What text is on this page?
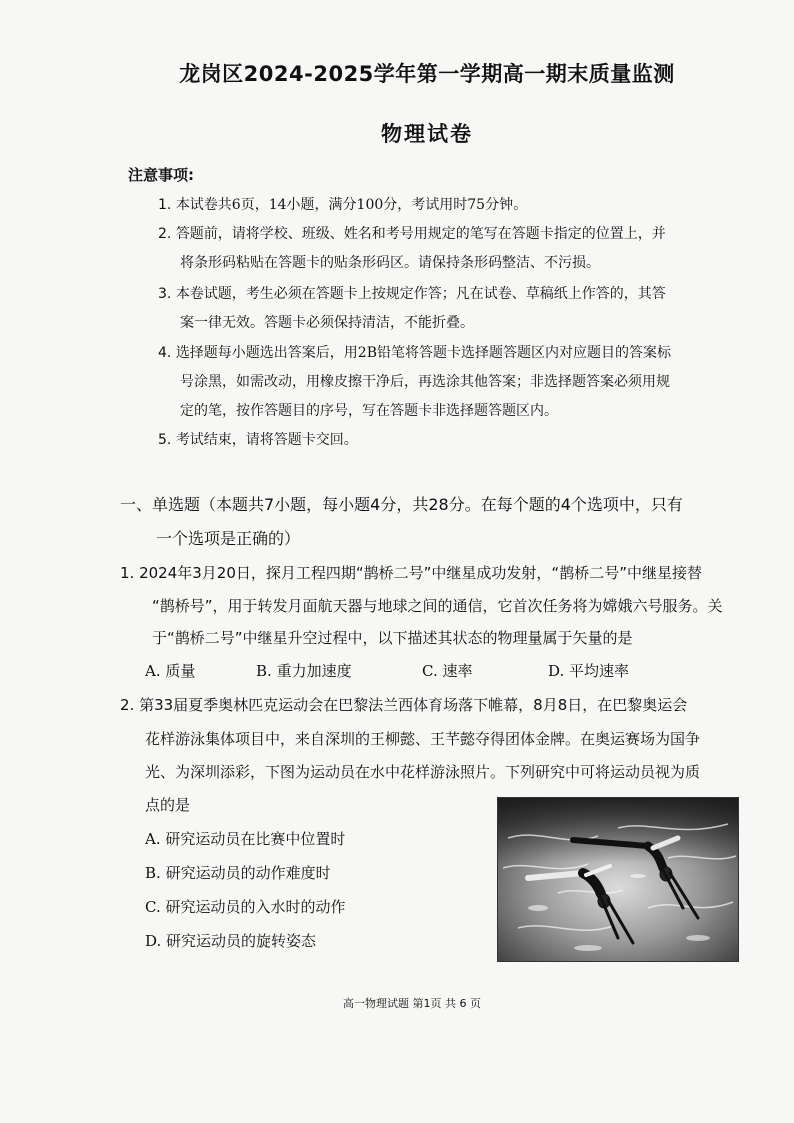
龙岗区2024-2025学年第一学期高一期末质量监测
物理试卷
注意事项:
1. 本试卷共6页，14小题，满分100分，考试用时75分钟。
2. 答题前，请将学校、班级、姓名和考号用规定的笔写在答题卡指定的位置上，并
将条形码粘贴在答题卡的贴条形码区。请保持条形码整洁、不污损。
3. 本卷试题，考生必须在答题卡上按规定作答；凡在试卷、草稿纸上作答的，其答
案一律无效。答题卡必须保持清洁，不能折叠。
4. 选择题每小题选出答案后，用2B铅笔将答题卡选择题答题区内对应题目的答案标
号涂黑，如需改动，用橡皮擦干净后，再选涂其他答案；非选择题答案必须用规
定的笔，按作答题目的序号，写在答题卡非选择题答题区内。
5. 考试结束，请将答题卡交回。
一、单选题（本题共7小题，每小题4分，共28分。在每个题的4个选项中，只有
一个选项是正确的）
1. 2024年3月20日，探月工程四期“鹊桥二号”中继星成功发射，“鹊桥二号”中继星接替
“鹊桥号”，用于转发月面航天器与地球之间的通信，它首次任务将为嫦娥六号服务。关
于“鹊桥二号”中继星升空过程中，以下描述其状态的物理量属于矢量的是
A. 质量	B. 重力加速度	C. 速率	D. 平均速率
2. 第33届夏季奥林匹克运动会在巴黎法兰西体育场落下帷幕，8月8日，在巴黎奥运会
花样游泳集体项目中，来自深圳的王柳懿、王芊懿夺得团体金牌。在奥运赛场为国争
光、为深圳添彩，下图为运动员在水中花样游泳照片。下列研究中可将运动员视为质
点的是
A. 研究运动员在比赛中位置时
B. 研究运动员的动作难度时
C. 研究运动员的入水时的动作
D. 研究运动员的旋转姿态
高一物理试题 第1页 共 6 页
